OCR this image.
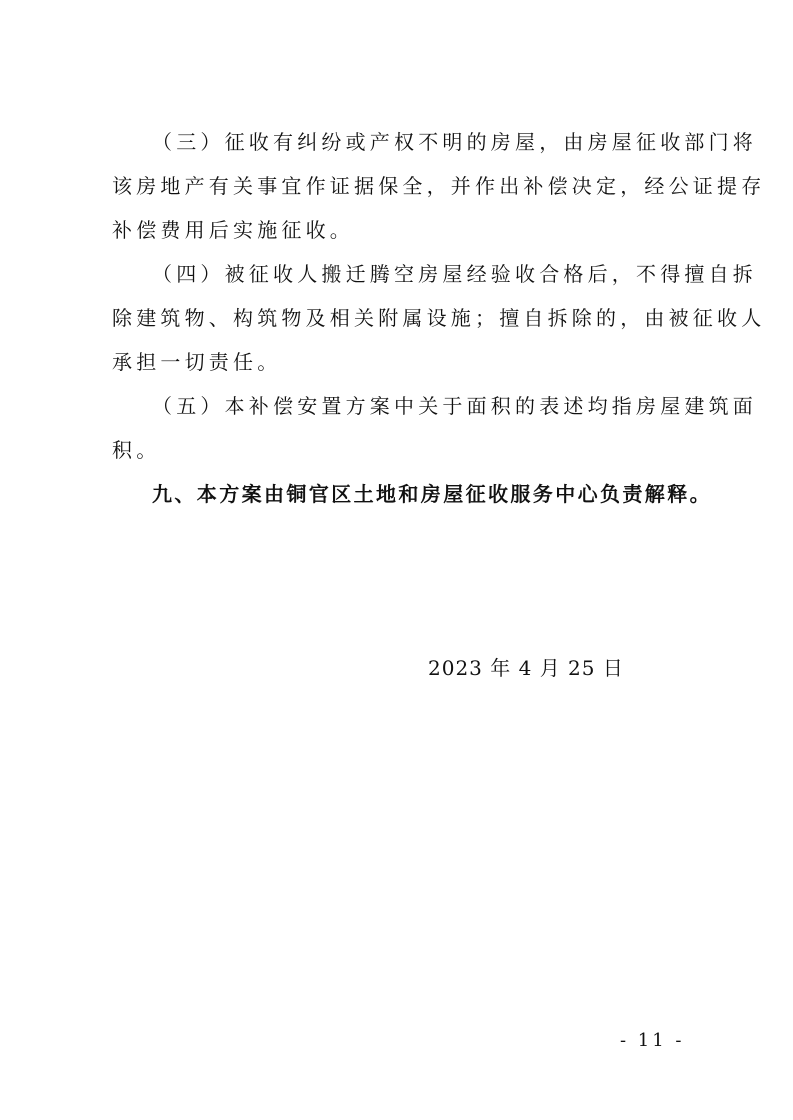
（三）征收有纠纷或产权不明的房屋，由房屋征收部门将
该房地产有关事宜作证据保全，并作出补偿决定，经公证提存
补偿费用后实施征收。
（四）被征收人搬迁腾空房屋经验收合格后，不得擅自拆
除建筑物、构筑物及相关附属设施；擅自拆除的，由被征收人
承担一切责任。
（五）本补偿安置方案中关于面积的表述均指房屋建筑面
积。
九、本方案由铜官区土地和房屋征收服务中心负责解释。
2023 年 4 月 25 日
- 11 -
